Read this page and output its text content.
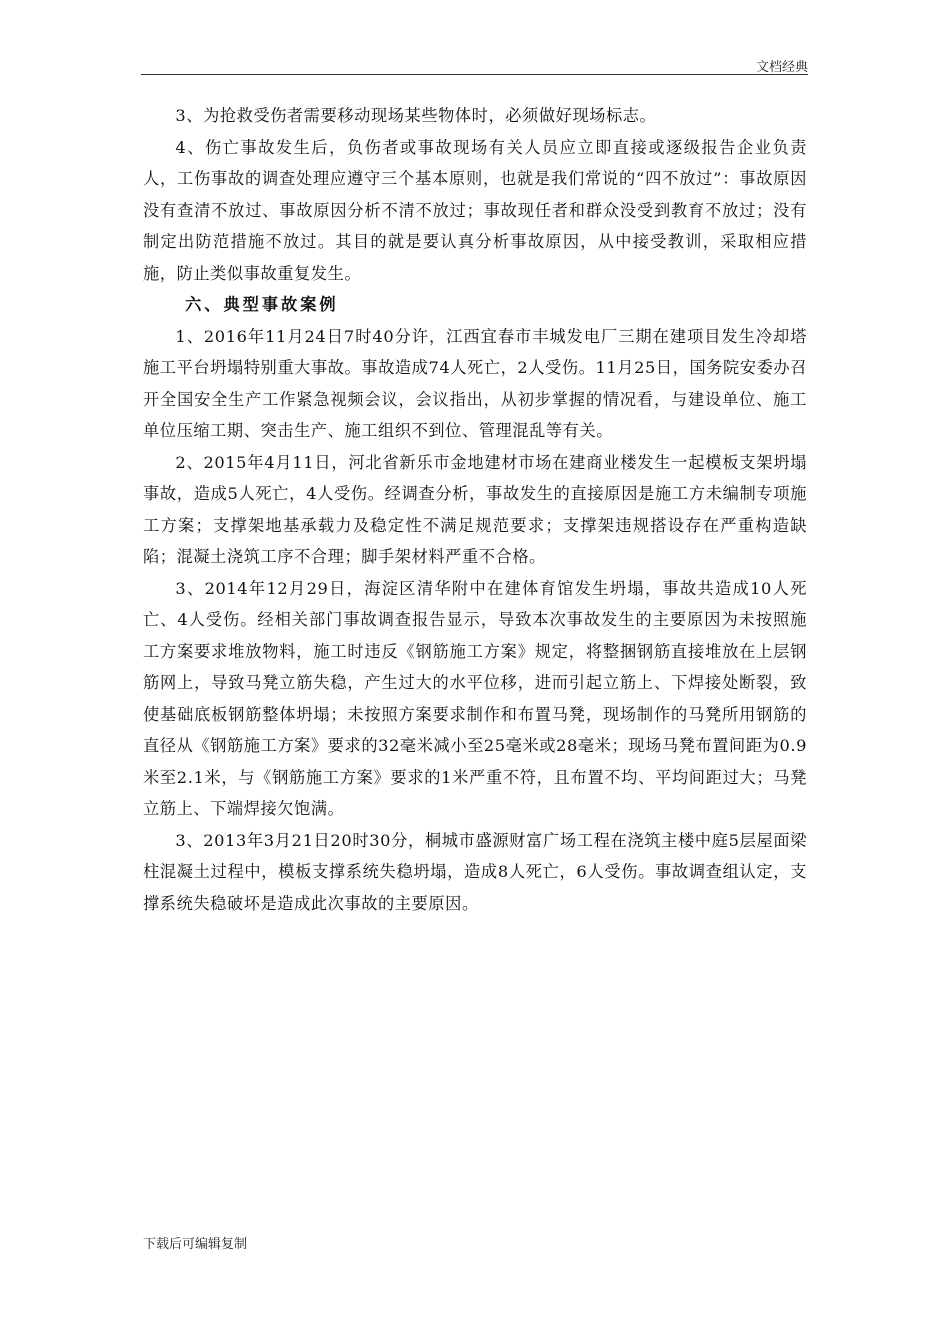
文档经典

3、为抢救受伤者需要移动现场某些物体时，必须做好现场标志。

4、伤亡事故发生后，负伤者或事故现场有关人员应立即直接或逐级报告企业负责人，工伤事故的调查处理应遵守三个基本原则，也就是我们常说的“四不放过”：事故原因没有查清不放过、事故原因分析不清不放过；事故现任者和群众没受到教育不放过；没有制定出防范措施不放过。其目的就是要认真分析事故原因，从中接受教训，采取相应措施，防止类似事故重复发生。

六、典型事故案例

1、2016年11月24日7时40分许，江西宜春市丰城发电厂三期在建项目发生冷却塔施工平台坍塌特别重大事故。事故造成74人死亡，2人受伤。11月25日，国务院安委办召开全国安全生产工作紧急视频会议，会议指出，从初步掌握的情况看，与建设单位、施工单位压缩工期、突击生产、施工组织不到位、管理混乱等有关。

2、2015年4月11日，河北省新乐市金地建材市场在建商业楼发生一起模板支架坍塌事故，造成5人死亡，4人受伤。经调查分析，事故发生的直接原因是施工方未编制专项施工方案；支撑架地基承载力及稳定性不满足规范要求；支撑架违规搭设存在严重构造缺陷；混凝土浇筑工序不合理；脚手架材料严重不合格。

3、2014年12月29日，海淀区清华附中在建体育馆发生坍塌，事故共造成10人死亡、4人受伤。经相关部门事故调查报告显示，导致本次事故发生的主要原因为未按照施工方案要求堆放物料，施工时违反《钢筋施工方案》规定，将整捆钢筋直接堆放在上层钢筋网上，导致马凳立筋失稳，产生过大的水平位移，进而引起立筋上、下焊接处断裂，致使基础底板钢筋整体坍塌；未按照方案要求制作和布置马凳，现场制作的马凳所用钢筋的直径从《钢筋施工方案》要求的32毫米减小至25毫米或28毫米；现场马凳布置间距为0.9米至2.1米，与《钢筋施工方案》要求的1米严重不符，且布置不均、平均间距过大；马凳立筋上、下端焊接欠饱满。

3、2013年3月21日20时30分，桐城市盛源财富广场工程在浇筑主楼中庭5层屋面梁柱混凝土过程中，模板支撑系统失稳坍塌，造成8人死亡，6人受伤。事故调查组认定，支撑系统失稳破坏是造成此次事故的主要原因。

下载后可编辑复制
